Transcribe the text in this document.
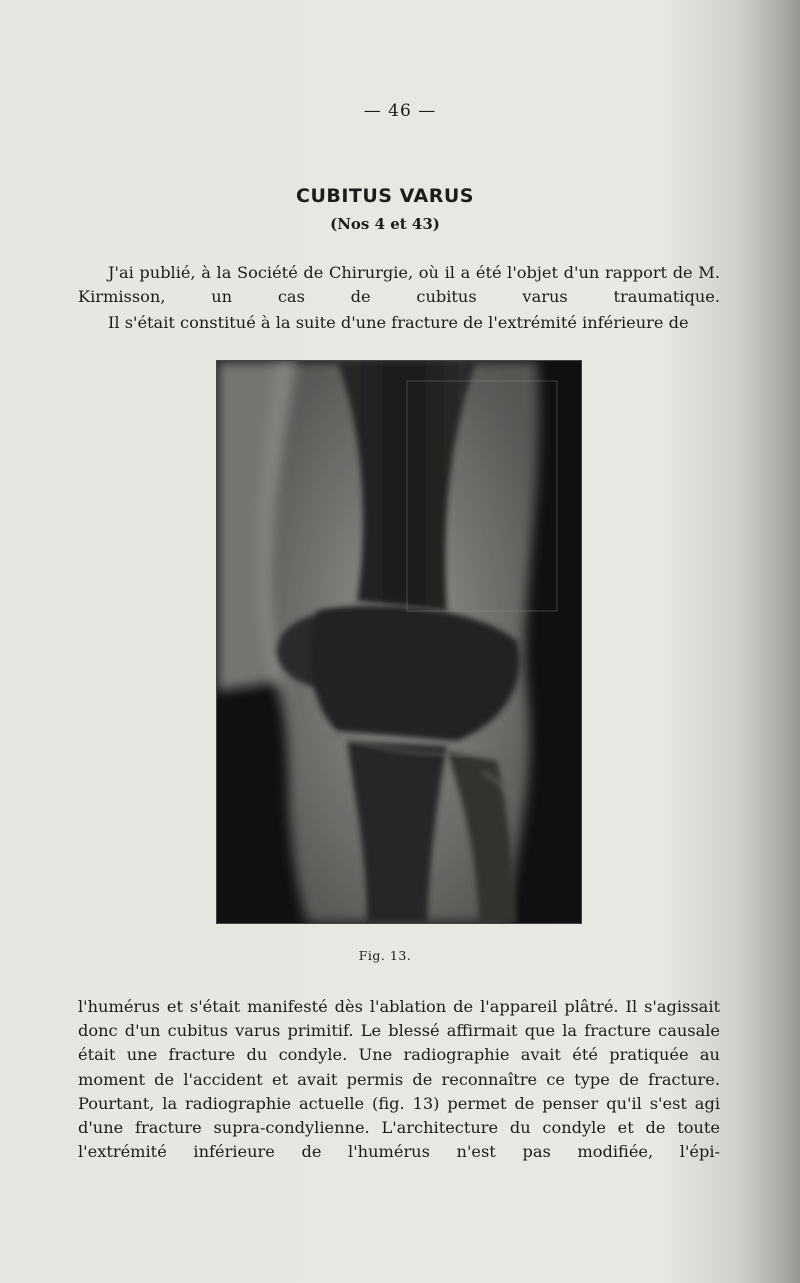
— 46 —
CUBITUS VARUS
(Nos 4 et 43)
J'ai publié, à la Société de Chirurgie, où il a été l'objet d'un rapport de M. Kirmisson, un cas de cubitus varus traumatique.
Il s'était constitué à la suite d'une fracture de l'extrémité inférieure de
Fig. 13.
l'humérus et s'était manifesté dès l'ablation de l'appareil plâtré. Il s'agissait donc d'un cubitus varus primitif. Le blessé affirmait que la fracture causale était une fracture du condyle. Une radiographie avait été pratiquée au moment de l'accident et avait permis de reconnaître ce type de fracture. Pourtant, la radiographie actuelle (fig. 13) permet de penser qu'il s'est agi d'une fracture supra-condylienne. L'architecture du condyle et de toute l'extrémité inférieure de l'humérus n'est pas modifiée, l'épi-
